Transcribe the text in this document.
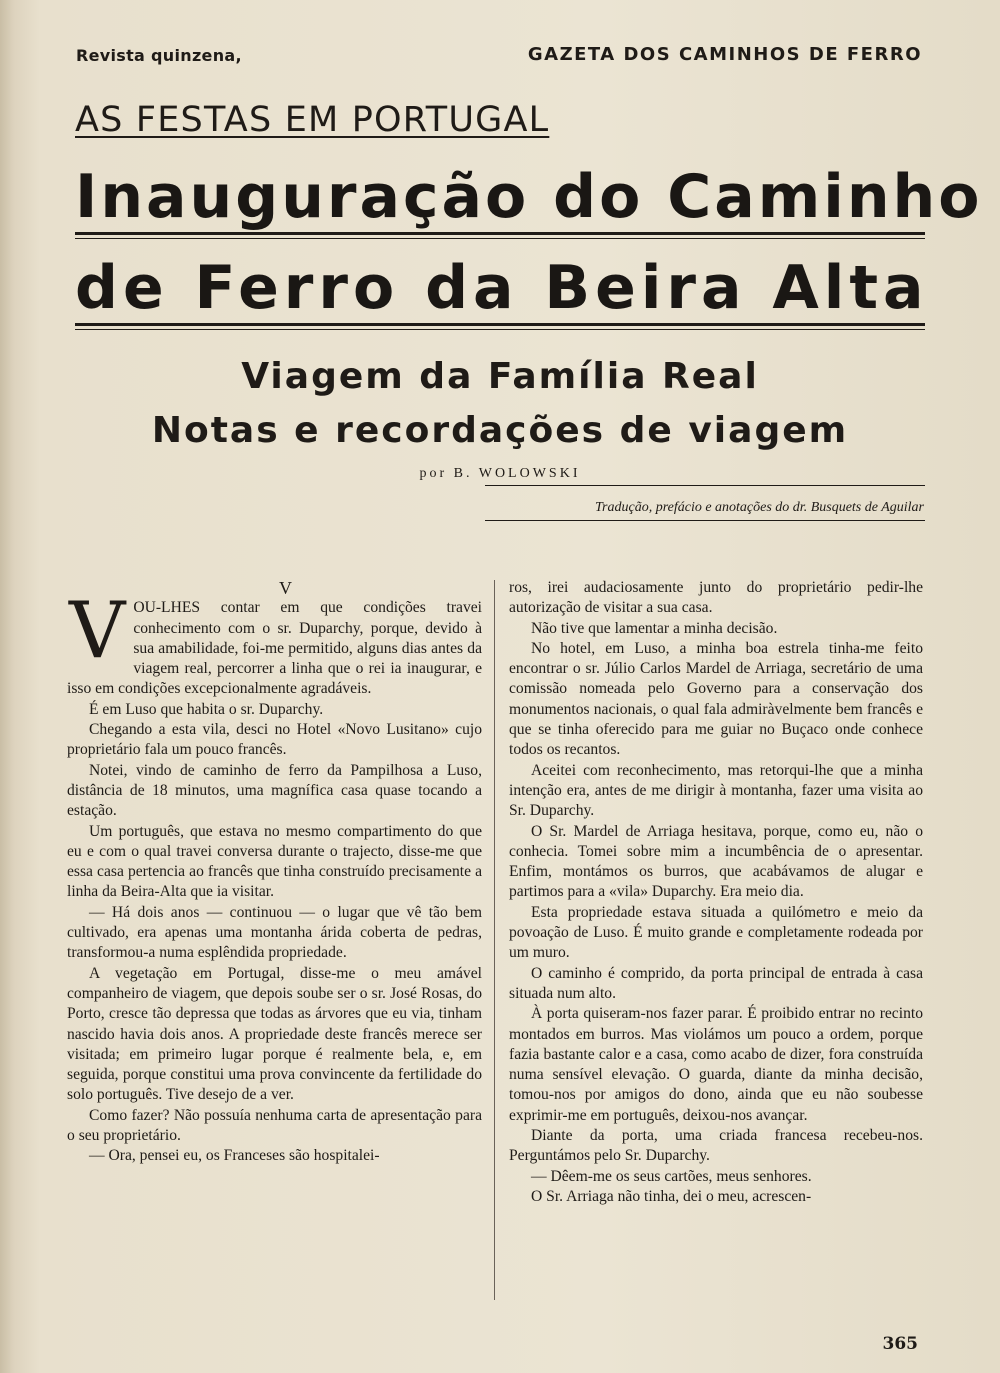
Revista quinzena,	GAZETA DOS CAMINHOS DE FERRO
AS FESTAS EM PORTUGAL
Inauguração do Caminho
de Ferro da Beira Alta
Viagem da Família Real
Notas e recordações de viagem
por B. WOLOWSKI
Tradução, prefácio e anotações do dr. Busquets de Aguilar

V

VOU-LHES contar em que condições travei conhecimento com o sr. Duparchy, porque, devido à sua amabilidade, foi-me permitido, alguns dias antes da viagem real, percorrer a linha que o rei ia inaugurar, e isso em condições excepcionalmente agradáveis.

É em Luso que habita o sr. Duparchy.

Chegando a esta vila, desci no Hotel «Novo Lusitano» cujo proprietário fala um pouco francês.

Notei, vindo de caminho de ferro da Pampilhosa a Luso, distância de 18 minutos, uma magnífica casa quase tocando a estação.

Um português, que estava no mesmo compartimento do que eu e com o qual travei conversa durante o trajecto, disse-me que essa casa pertencia ao francês que tinha construído precisamente a linha da Beira-Alta que ia visitar.

— Há dois anos — continuou — o lugar que vê tão bem cultivado, era apenas uma montanha árida coberta de pedras, transformou-a numa esplêndida propriedade.

A vegetação em Portugal, disse-me o meu amável companheiro de viagem, que depois soube ser o sr. José Rosas, do Porto, cresce tão depressa que todas as árvores que eu via, tinham nascido havia dois anos. A propriedade deste francês merece ser visitada; em primeiro lugar porque é realmente bela, e, em seguida, porque constitui uma prova convincente da fertilidade do solo português. Tive desejo de a ver.

Como fazer? Não possuía nenhuma carta de apresentação para o seu proprietário.

— Ora, pensei eu, os Franceses são hospitalei-

ros, irei audaciosamente junto do proprietário pedir-lhe autorização de visitar a sua casa.

Não tive que lamentar a minha decisão.

No hotel, em Luso, a minha boa estrela tinha-me feito encontrar o sr. Júlio Carlos Mardel de Arriaga, secretário de uma comissão nomeada pelo Governo para a conservação dos monumentos nacionais, o qual fala admiràvelmente bem francês e que se tinha oferecido para me guiar no Buçaco onde conhece todos os recantos.

Aceitei com reconhecimento, mas retorqui-lhe que a minha intenção era, antes de me dirigir à montanha, fazer uma visita ao Sr. Duparchy.

O Sr. Mardel de Arriaga hesitava, porque, como eu, não o conhecia. Tomei sobre mim a incumbência de o apresentar. Enfim, montámos os burros, que acabávamos de alugar e partimos para a «vila» Duparchy. Era meio dia.

Esta propriedade estava situada a quilómetro e meio da povoação de Luso. É muito grande e completamente rodeada por um muro.

O caminho é comprido, da porta principal de entrada à casa situada num alto.

À porta quiseram-nos fazer parar. É proibido entrar no recinto montados em burros. Mas violámos um pouco a ordem, porque fazia bastante calor e a casa, como acabo de dizer, fora construída numa sensível elevação. O guarda, diante da minha decisão, tomou-nos por amigos do dono, ainda que eu não soubesse exprimir-me em português, deixou-nos avançar.

Diante da porta, uma criada francesa recebeu-nos. Perguntámos pelo Sr. Duparchy.

— Dêem-me os seus cartões, meus senhores.

O Sr. Arriaga não tinha, dei o meu, acrescen-

365
